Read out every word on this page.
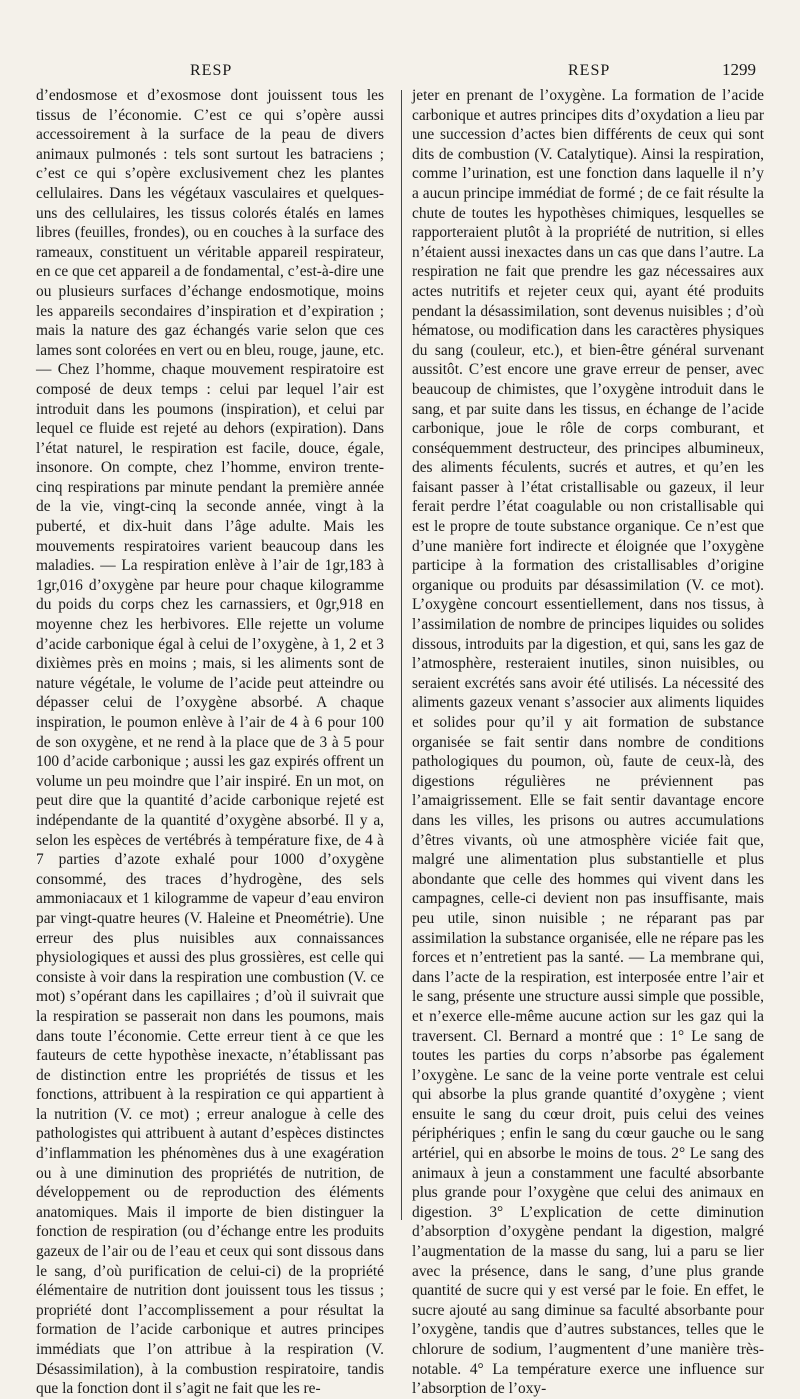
RESP	RESP	1299

d’endosmose et d’exosmose dont jouissent tous les tissus de l’économie. C’est ce qui s’opère aussi accessoirement à la surface de la peau de divers animaux pulmonés : tels sont surtout les batraciens ; c’est ce qui s’opère exclusivement chez les plantes cellulaires. Dans les végétaux vasculaires et quelques-uns des cellulaires, les tissus colorés étalés en lames libres (feuilles, frondes), ou en couches à la surface des rameaux, constituent un véritable appareil respirateur, en ce que cet appareil a de fondamental, c’est-à-dire une ou plusieurs surfaces d’échange endosmotique, moins les appareils secondaires d’inspiration et d’expiration ; mais la nature des gaz échangés varie selon que ces lames sont colorées en vert ou en bleu, rouge, jaune, etc. — Chez l’homme, chaque mouvement respiratoire est composé de deux temps : celui par lequel l’air est introduit dans les poumons (inspiration), et celui par lequel ce fluide est rejeté au dehors (expiration). Dans l’état naturel, le respiration est facile, douce, égale, insonore. On compte, chez l’homme, environ trente-cinq respirations par minute pendant la première année de la vie, vingt-cinq la seconde année, vingt à la puberté, et dix-huit dans l’âge adulte. Mais les mouvements respiratoires varient beaucoup dans les maladies. — La respiration enlève à l’air de 1gr,183 à 1gr,016 d’oxygène par heure pour chaque kilogramme du poids du corps chez les carnassiers, et 0gr,918 en moyenne chez les herbivores. Elle rejette un volume d’acide carbonique égal à celui de l’oxygène, à 1, 2 et 3 dixièmes près en moins ; mais, si les aliments sont de nature végétale, le volume de l’acide peut atteindre ou dépasser celui de l’oxygène absorbé. A chaque inspiration, le poumon enlève à l’air de 4 à 6 pour 100 de son oxygène, et ne rend à la place que de 3 à 5 pour 100 d’acide carbonique ; aussi les gaz expirés offrent un volume un peu moindre que l’air inspiré. En un mot, on peut dire que la quantité d’acide carbonique rejeté est indépendante de la quantité d’oxygène absorbé. Il y a, selon les espèces de vertébrés à température fixe, de 4 à 7 parties d’azote exhalé pour 1000 d’oxygène consommé, des traces d’hydrogène, des sels ammoniacaux et 1 kilogramme de vapeur d’eau environ par vingt-quatre heures (V. Haleine et Pneométrie). Une erreur des plus nuisibles aux connaissances physiologiques et aussi des plus grossières, est celle qui consiste à voir dans la respiration une combustion (V. ce mot) s’opérant dans les capillaires ; d’où il suivrait que la respiration se passerait non dans les poumons, mais dans toute l’économie. Cette erreur tient à ce que les fauteurs de cette hypothèse inexacte, n’établissant pas de distinction entre les propriétés de tissus et les fonctions, attribuent à la respiration ce qui appartient à la nutrition (V. ce mot) ; erreur analogue à celle des pathologistes qui attribuent à autant d’espèces distinctes d’inflammation les phénomènes dus à une exagération ou à une diminution des propriétés de nutrition, de développement ou de reproduction des éléments anatomiques. Mais il importe de bien distinguer la fonction de respiration (ou d’échange entre les produits gazeux de l’air ou de l’eau et ceux qui sont dissous dans le sang, d’où purification de celui-ci) de la propriété élémentaire de nutrition dont jouissent tous les tissus ; propriété dont l’accomplissement a pour résultat la formation de l’acide carbonique et autres principes immédiats que l’on attribue à la respiration (V. Désassimilation), à la combustion respiratoire, tandis que la fonction dont il s’agit ne fait que les re-

jeter en prenant de l’oxygène. La formation de l’acide carbonique et autres principes dits d’oxydation a lieu par une succession d’actes bien différents de ceux qui sont dits de combustion (V. Catalytique). Ainsi la respiration, comme l’urination, est une fonction dans laquelle il n’y a aucun principe immédiat de formé ; de ce fait résulte la chute de toutes les hypothèses chimiques, lesquelles se rapporteraient plutôt à la propriété de nutrition, si elles n’étaient aussi inexactes dans un cas que dans l’autre. La respiration ne fait que prendre les gaz nécessaires aux actes nutritifs et rejeter ceux qui, ayant été produits pendant la désassimilation, sont devenus nuisibles ; d’où hématose, ou modification dans les caractères physiques du sang (couleur, etc.), et bien-être général survenant aussitôt. C’est encore une grave erreur de penser, avec beaucoup de chimistes, que l’oxygène introduit dans le sang, et par suite dans les tissus, en échange de l’acide carbonique, joue le rôle de corps comburant, et conséquemment destructeur, des principes albumineux, des aliments féculents, sucrés et autres, et qu’en les faisant passer à l’état cristallisable ou gazeux, il leur ferait perdre l’état coagulable ou non cristallisable qui est le propre de toute substance organique. Ce n’est que d’une manière fort indirecte et éloignée que l’oxygène participe à la formation des cristallisables d’origine organique ou produits par désassimilation (V. ce mot). L’oxygène concourt essentiellement, dans nos tissus, à l’assimilation de nombre de principes liquides ou solides dissous, introduits par la digestion, et qui, sans les gaz de l’atmosphère, resteraient inutiles, sinon nuisibles, ou seraient excrétés sans avoir été utilisés. La nécessité des aliments gazeux venant s’associer aux aliments liquides et solides pour qu’il y ait formation de substance organisée se fait sentir dans nombre de conditions pathologiques du poumon, où, faute de ceux-là, des digestions régulières ne préviennent pas l’amaigrissement. Elle se fait sentir davantage encore dans les villes, les prisons ou autres accumulations d’êtres vivants, où une atmosphère viciée fait que, malgré une alimentation plus substantielle et plus abondante que celle des hommes qui vivent dans les campagnes, celle-ci devient non pas insuffisante, mais peu utile, sinon nuisible ; ne réparant pas par assimilation la substance organisée, elle ne répare pas les forces et n’entretient pas la santé. — La membrane qui, dans l’acte de la respiration, est interposée entre l’air et le sang, présente une structure aussi simple que possible, et n’exerce elle-même aucune action sur les gaz qui la traversent. Cl. Bernard a montré que : 1° Le sang de toutes les parties du corps n’absorbe pas également l’oxygène. Le sanc de la veine porte ventrale est celui qui absorbe la plus grande quantité d’oxygène ; vient ensuite le sang du cœur droit, puis celui des veines périphériques ; enfin le sang du cœur gauche ou le sang artériel, qui en absorbe le moins de tous. 2° Le sang des animaux à jeun a constamment une faculté absorbante plus grande pour l’oxygène que celui des animaux en digestion. 3° L’explication de cette diminution d’absorption d’oxygène pendant la digestion, malgré l’augmentation de la masse du sang, lui a paru se lier avec la présence, dans le sang, d’une plus grande quantité de sucre qui y est versé par le foie. En effet, le sucre ajouté au sang diminue sa faculté absorbante pour l’oxygène, tandis que d’autres substances, telles que le chlorure de sodium, l’augmentent d’une manière très-notable. 4° La température exerce une influence sur l’absorption de l’oxy-
